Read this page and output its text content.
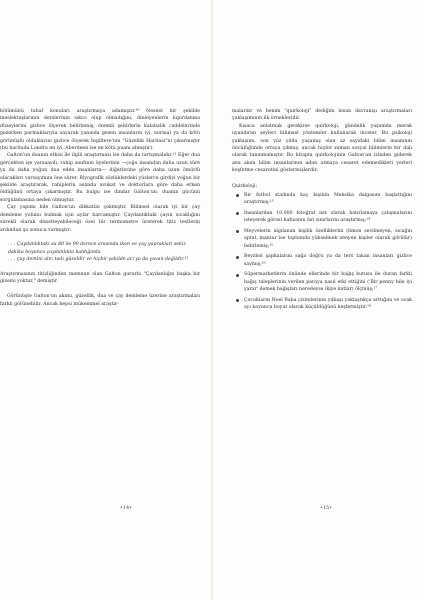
bölümünü tuhaf konuları araştırmaya adamıştır.¹⁰ Nesnel bir şekilde meslektaşlarının derslerinin sıkıcı olup olmadığını, dinleyenlerin kıpırdanma düzeylerini gizlice ölçerek belirlemiş; önemli şehirlerin kalabalık caddelerinde gezerken parmaklarıyla sayarak yanında gezen insanların iyi, normal ya da kötü görünüşlü olduklarını gizlice ölçerek İngiltere'nin "Güzellik Haritası"nı çıkarmıştır (bu haritada Londra en iyi, Aberdeen ise en kötü puanı almıştır).

Galton'un duanın etkisi ile ilgili araştırması ise daha da tartışmalıdır.¹¹ Eğer dua gerçekten işe yarasaydı, rahip sınıfının üyelerinin —çoğu insandan daha uzun süre ya da daha yoğun dua eden insanların— diğerlerine göre daha uzun ömürlü olacakları varsayımını öne sürer. Biyografik sözlüklerdeki yüzlerce girdiyi yoğun bir şekilde araştırarak, rahiplerin aslında avukat ve doktorlara göre daha erken öldüğünü ortaya çıkarmıştır. Bu bulgu ise dindar Galton'un, duanın gücünü sorgulamasına neden olmuştur.

Çay yapımı bile Galton'un dikkatini çekmiştir. Bilimsel olarak iyi bir çay demleme yolunu bulmak için aylar harcamıştır. Çaydanlıktaki çayın sıcaklığını sürekli olarak denetleyebileceği özel bir termometre üreterek titiz testlerin ardından şu sonuca varmıştır:

. . . Çaydanlıktaki su 80 ile 90 derece arasında iken ve çay yaprakları sekiz dakika boyunca çaydanlıkta kaldığında
. . . çay demini alır, tadı güzeldir ve hiçbir şekilde acı ya da yavan değildir.¹²

Araştırmasının titizliğinden memnun olan Galton gururla "Çaydanlığın başka bir gizemi yoktur," demiştir.

Görünüşte Galton'un akımı, güzellik, dua ve çay demleme üzerine araştırmaları farklı görünebilir. Ancak hepsi mükemmel araştır-

malardır ve benim "quirkoloji" dediğim insan davranışı araştırmaları yaklaşımının ilk örnekleridir.

Kısaca anlatmak gerekirse quirkoloji, gündelik yaşamda merak uyandıran şeyleri bilimsel yöntemler kullanarak inceler. Bu psikoloji yaklaşımı, son yüz yılda yaşamış olan az sayıdaki bilim insanının öncülüğünde ortaya çıkmış, ancak hiçbir zaman sosyal bilimlerin bir dalı olarak tanınmamıştır. Bu kitapta quirkolojinin Galton'un izinden giderek ana akım bilim insanlarının adım atmaya cesaret edemedikleri yerleri keşfetme cesaretini göstermişlerdir.

Quirkoloji;
Bir futbol stadında kaç kişinin Meksika dalgasını başlattığını araştırmış;¹³
İnsanlardan 10.000 fotoğraf net olarak hatırlamaya çalışmalarını isteyerek görsel hafızanın üst sınırlarını araştırmış;¹⁴
Meyvelerin algılanan kişilik özelliklerini (limon sevilmeyen, sıcağın aptal, mantar ise toplumda yükselmek isteyen kişiler olarak görülür) belirlemiş;¹⁵
Beyzbol şapkalarını sağa doğru ya da ters takan insanları gizlice saymış;¹⁶
Süpermarketlerin önünde ellerinde bir bağış kutusu ile duran farklı bağış taleplerinin verilen paraya nasıl etki ettiğini ('Bir penny bile iyi yarar' demek bağışları neredeyse ikiye katlar) ölçmüş;¹⁷
Çocukların Noel Baba çizimlerinin yılbaşı yaklaştıkça arttığını ve ocak ayı boyunca boyut olarak küçüldüğünü keşfetmiştir.¹⁸
•14•	•15•
